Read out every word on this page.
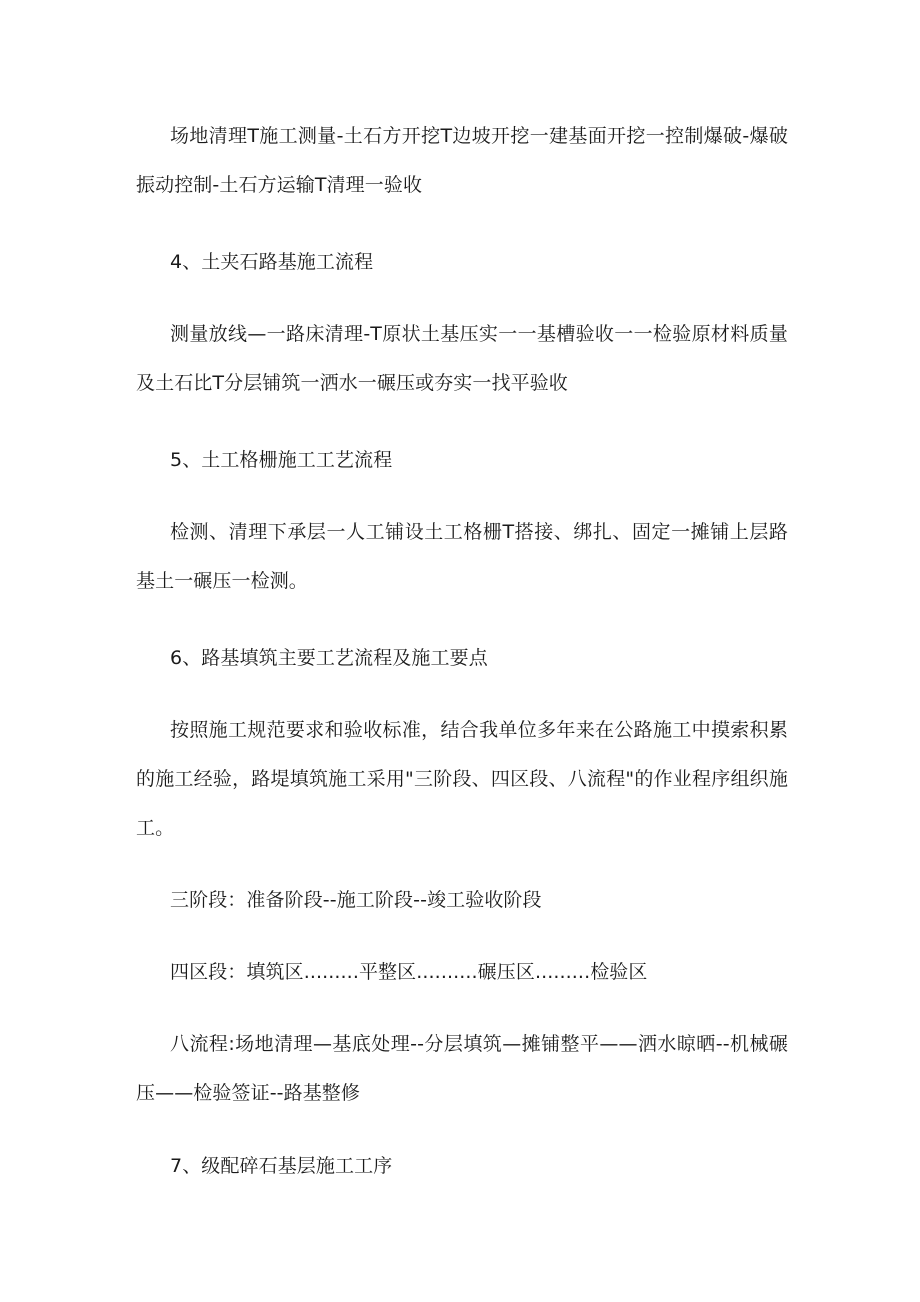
场地清理T施工测量-土石方开挖T边坡开挖一建基面开挖一控制爆破-爆破振动控制-土石方运输T清理一验收

4、土夹石路基施工流程

测量放线—一路床清理-T原状土基压实一一基槽验收一一检验原材料质量及土石比T分层铺筑一洒水一碾压或夯实一找平验收

5、土工格栅施工工艺流程

检测、清理下承层一人工铺设土工格栅T搭接、绑扎、固定一摊铺上层路基土一碾压一检测。

6、路基填筑主要工艺流程及施工要点

按照施工规范要求和验收标准，结合我单位多年来在公路施工中摸索积累的施工经验，路堤填筑施工采用"三阶段、四区段、八流程"的作业程序组织施工。

三阶段：准备阶段--施工阶段--竣工验收阶段

四区段：填筑区.........平整区..........碾压区.........检验区

八流程:场地清理—基底处理--分层填筑—摊铺整平——洒水晾晒--机械碾压——检验签证--路基整修

7、级配碎石基层施工工序
